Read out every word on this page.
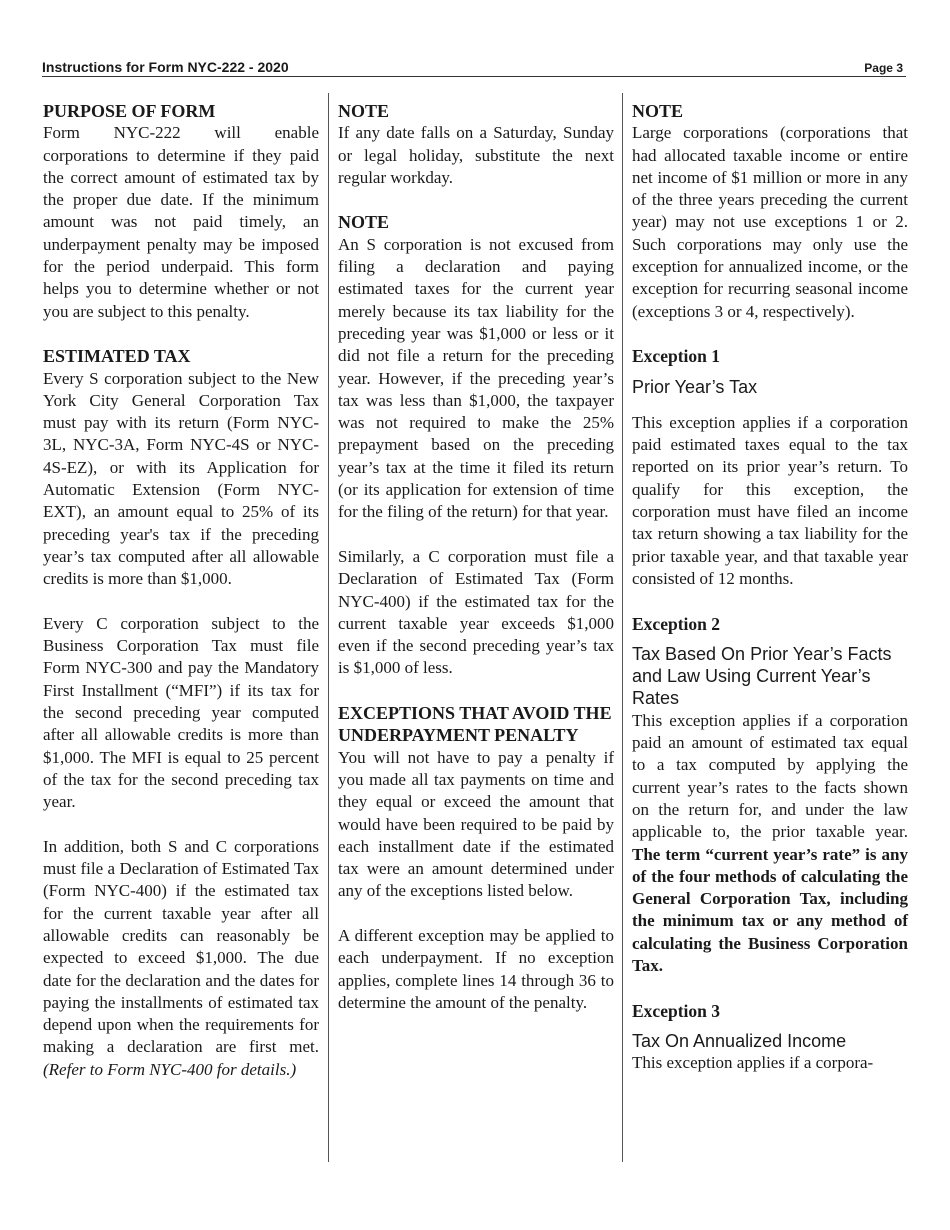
Instructions for Form NYC-222 - 2020	Page 3
PURPOSE OF FORM

Form NYC-222 will enable corporations to determine if they paid the correct amount of estimated tax by the proper due date. If the minimum amount was not paid timely, an underpayment penalty may be imposed for the period underpaid. This form helps you to determine whether or not you are subject to this penalty.

ESTIMATED TAX

Every S corporation subject to the New York City General Corporation Tax must pay with its return (Form NYC-3L, NYC-3A, Form NYC-4S or NYC-4S-EZ), or with its Application for Automatic Extension (Form NYC-EXT), an amount equal to 25% of its preceding year's tax if the preceding year’s tax computed after all allowable credits is more than $1,000.

Every C corporation subject to the Business Corporation Tax must file Form NYC-300 and pay the Mandatory First Installment (“MFI”) if its tax for the second preceding year computed after all allowable credits is more than $1,000. The MFI is equal to 25 percent of the tax for the second preceding tax year.

In addition, both S and C corporations must file a Declaration of Estimated Tax (Form NYC-400) if the estimated tax for the current taxable year after all allowable credits can reasonably be expected to exceed $1,000. The due date for the declaration and the dates for paying the installments of estimated tax depend upon when the requirements for making a declaration are first met. (Refer to Form NYC-400 for details.)

NOTE

If any date falls on a Saturday, Sunday or legal holiday, substitute the next regular workday.

NOTE

An S corporation is not excused from filing a declaration and paying estimated taxes for the current year merely because its tax liability for the preceding year was $1,000 or less or it did not file a return for the preceding year. However, if the preceding year’s tax was less than $1,000, the taxpayer was not required to make the 25% prepayment based on the preceding year’s tax at the time it filed its return (or its application for extension of time for the filing of the return) for that year.

Similarly, a C corporation must file a Declaration of Estimated Tax (Form NYC-400) if the estimated tax for the current taxable year exceeds $1,000 even if the second preceding year’s tax is $1,000 of less.

EXCEPTIONS THAT AVOID THE UNDERPAYMENT PENALTY

You will not have to pay a penalty if you made all tax payments on time and they equal or exceed the amount that would have been required to be paid by each installment date if the estimated tax were an amount determined under any of the exceptions listed below.

A different exception may be applied to each underpayment. If no exception applies, complete lines 14 through 36 to determine the amount of the penalty.

NOTE

Large corporations (corporations that had allocated taxable income or entire net income of $1 million or more in any of the three years preceding the current year) may not use exceptions 1 or 2. Such corporations may only use the exception for annualized income, or the exception for recurring seasonal income (exceptions 3 or 4, respectively).

Exception 1

Prior Year’s Tax

This exception applies if a corporation paid estimated taxes equal to the tax reported on its prior year’s return. To qualify for this exception, the corporation must have filed an income tax return showing a tax liability for the prior taxable year, and that taxable year consisted of 12 months.

Exception 2

Tax Based On Prior Year’s Facts and Law Using Current Year’s Rates

This exception applies if a corporation paid an amount of estimated tax equal to a tax computed by applying the current year’s rates to the facts shown on the return for, and under the law applicable to, the prior taxable year. The term “current year’s rate” is any of the four methods of calculating the General Corporation Tax, including the minimum tax or any method of calculating the Business Corporation Tax.

Exception 3

Tax On Annualized Income

This exception applies if a corpora-
